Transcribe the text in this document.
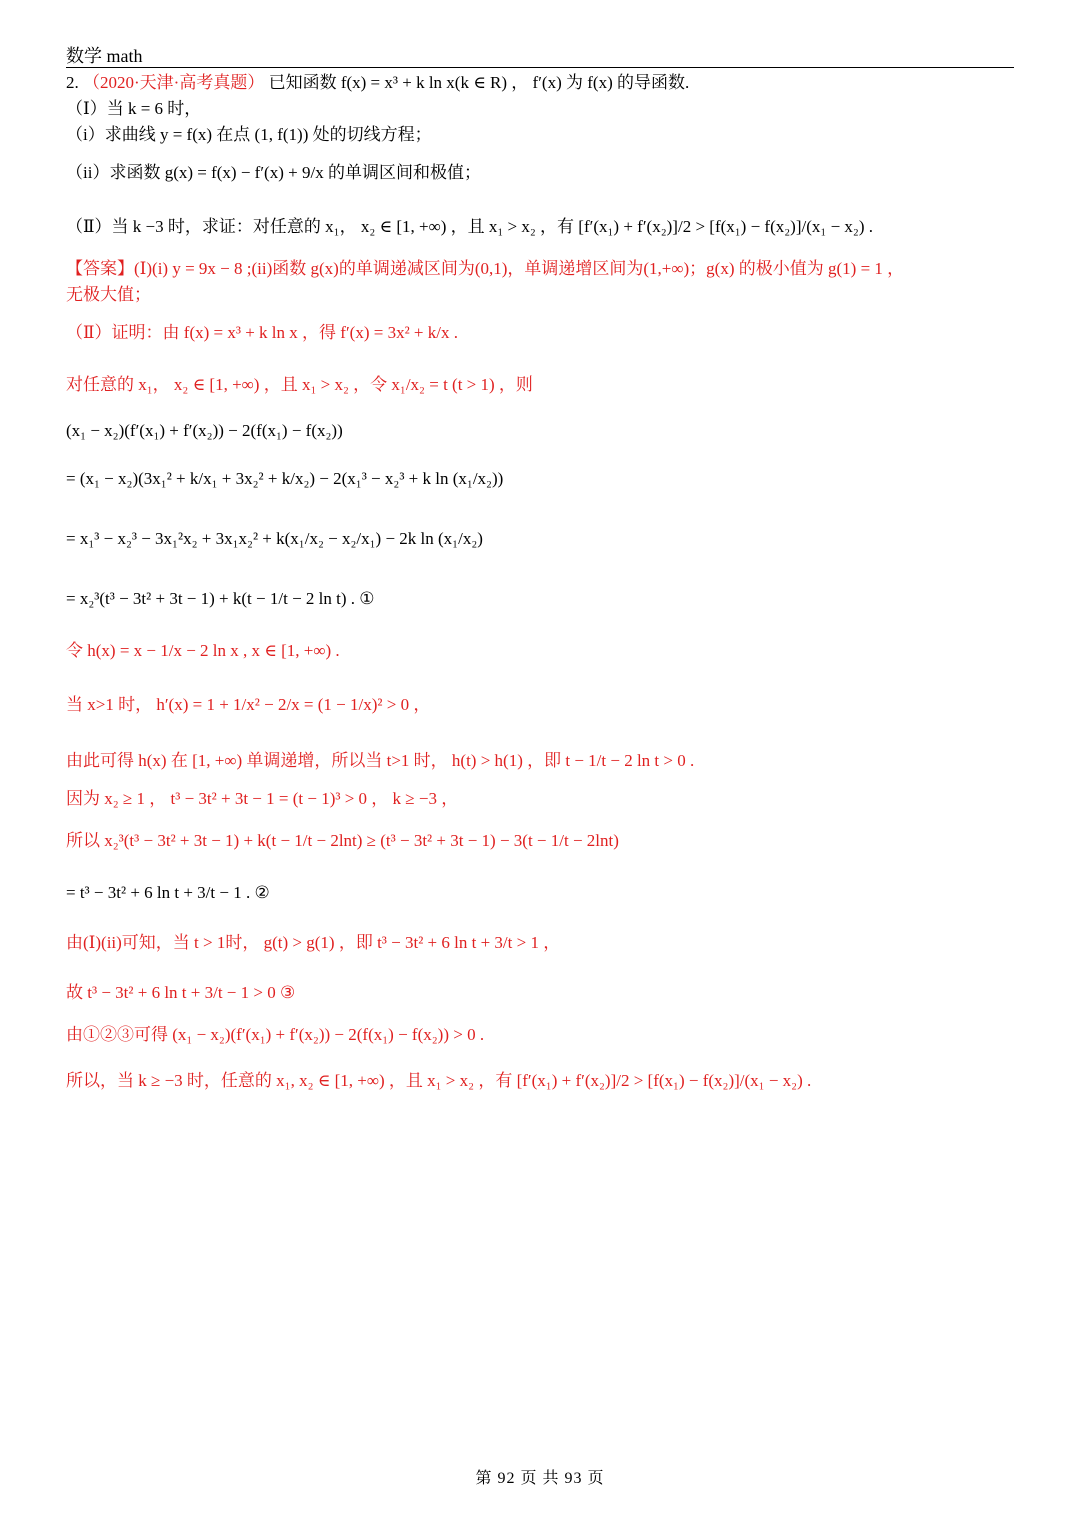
数学 math
2. （2020·天津·高考真题） 已知函数 f(x) = x³ + k ln x(k ∈ R) ， f′(x) 为 f(x) 的导函数.
（Ⅰ）当 k = 6 时，
（i）求曲线 y = f(x) 在点 (1, f(1)) 处的切线方程；
（ii）求函数 g(x) = f(x) − f′(x) + 9/x 的单调区间和极值；
（Ⅱ）当 k −3 时，求证：对任意的 x₁， x₂ ∈ [1, +∞) ，且 x₁ > x₂ ，有 [f′(x₁) + f′(x₂)]/2 > [f(x₁) − f(x₂)]/(x₁ − x₂) .
【答案】(Ⅰ)(i) y = 9x − 8 ;(ii)函数 g(x)的单调递减区间为(0,1)，单调递增区间为(1,+∞)；g(x) 的极小值为 g(1) = 1 ，
无极大值；
（Ⅱ）证明：由 f(x) = x³ + k ln x ，得 f′(x) = 3x² + k/x .
对任意的 x₁， x₂ ∈ [1, +∞) ，且 x₁ > x₂ ，令 x₁/x₂ = t (t > 1) ，则
(x₁ − x₂)(f′(x₁) + f′(x₂)) − 2(f(x₁) − f(x₂))
= (x₁ − x₂)(3x₁² + k/x₁ + 3x₂² + k/x₂) − 2(x₁³ − x₂³ + k ln (x₁/x₂))
= x₁³ − x₂³ − 3x₁²x₂ + 3x₁x₂² + k(x₁/x₂ − x₂/x₁) − 2k ln (x₁/x₂)
= x₂³(t³ − 3t² + 3t − 1) + k(t − 1/t − 2 ln t) . ①
令 h(x) = x − 1/x − 2 ln x , x ∈ [1, +∞) .
当 x>1 时， h′(x) = 1 + 1/x² − 2/x = (1 − 1/x)² > 0 ，
由此可得 h(x) 在 [1, +∞) 单调递增，所以当 t>1 时， h(t) > h(1) ，即 t − 1/t − 2 ln t > 0 .
因为 x₂ ≥ 1 ， t³ − 3t² + 3t − 1 = (t − 1)³ > 0 ， k ≥ −3 ，
所以 x₂³(t³ − 3t² + 3t − 1) + k(t − 1/t − 2lnt) ≥ (t³ − 3t² + 3t − 1) − 3(t − 1/t − 2lnt)
= t³ − 3t² + 6 ln t + 3/t − 1 . ②
由(Ⅰ)(ii)可知，当 t > 1时， g(t) > g(1) ，即 t³ − 3t² + 6 ln t + 3/t > 1 ，
故 t³ − 3t² + 6 ln t + 3/t − 1 > 0 ③
由①②③可得 (x₁ − x₂)(f′(x₁) + f′(x₂)) − 2(f(x₁) − f(x₂)) > 0 .
所以，当 k ≥ −3 时，任意的 x₁, x₂ ∈ [1, +∞) ，且 x₁ > x₂ ，有 [f′(x₁) + f′(x₂)]/2 > [f(x₁) − f(x₂)]/(x₁ − x₂) .
第 92 页 共 93 页
